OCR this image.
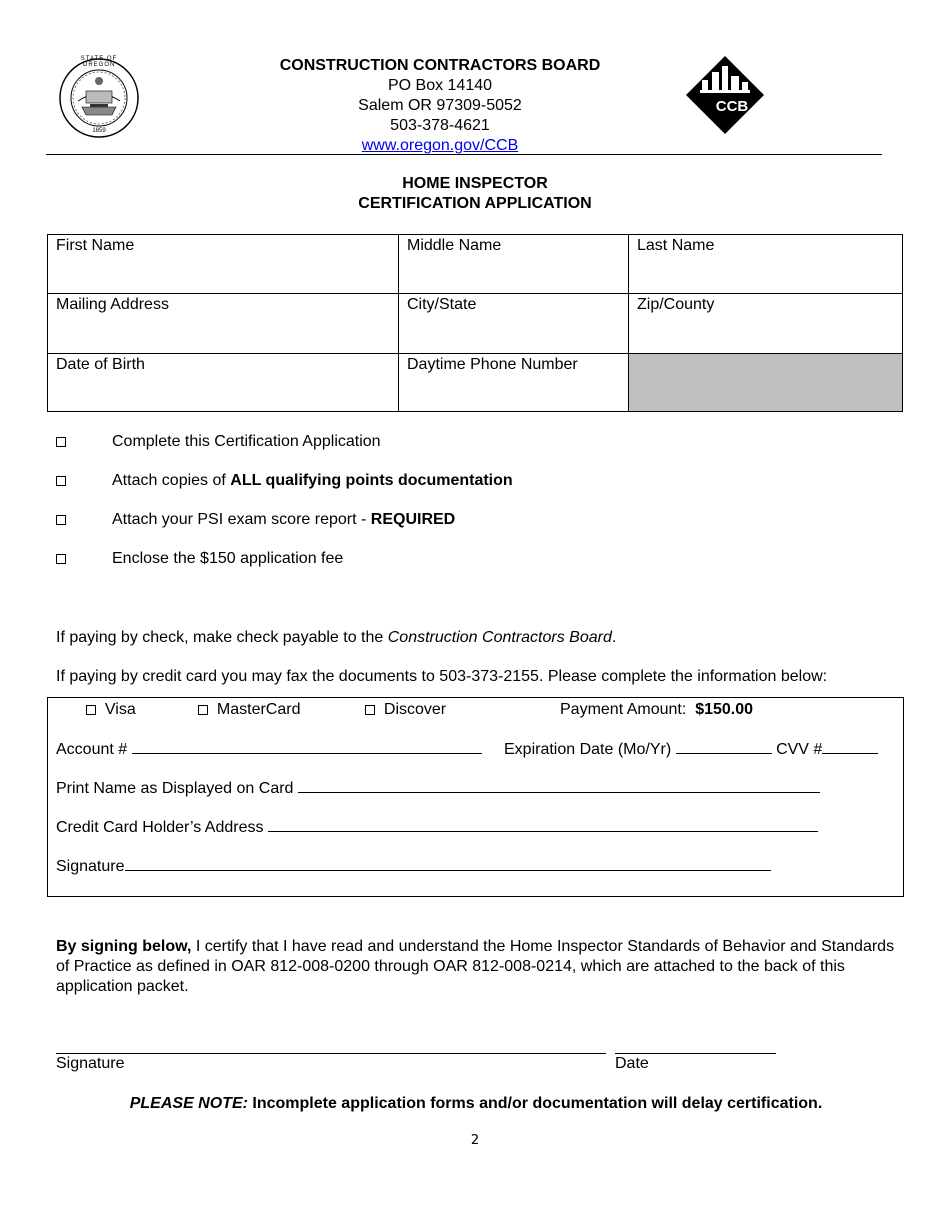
STATE OF OREGON
1859
CONSTRUCTION CONTRACTORS BOARD
PO Box 14140
Salem OR 97309-5052
503-378-4621
www.oregon.gov/CCB
CCB
HOME INSPECTOR
CERTIFICATION APPLICATION
First Name	Middle Name	Last Name
Mailing Address	City/State	Zip/County
Date of Birth	Daytime Phone Number
Complete this Certification Application
Attach copies of ALL qualifying points documentation
Attach your PSI exam score report - REQUIRED
Enclose the $150 application fee
If paying by check, make check payable to the Construction Contractors Board.
If paying by credit card you may fax the documents to 503-373-2155. Please complete the information below:
Visa	MasterCard	Discover	Payment Amount: $150.00
Account #	Expiration Date (Mo/Yr)	CVV #
Print Name as Displayed on Card
Credit Card Holder’s Address
Signature
By signing below, I certify that I have read and understand the Home Inspector Standards of Behavior and Standards of Practice as defined in OAR 812-008-0200 through OAR 812-008-0214, which are attached to the back of this application packet.
Signature	Date
PLEASE NOTE: Incomplete application forms and/or documentation will delay certification.
2
